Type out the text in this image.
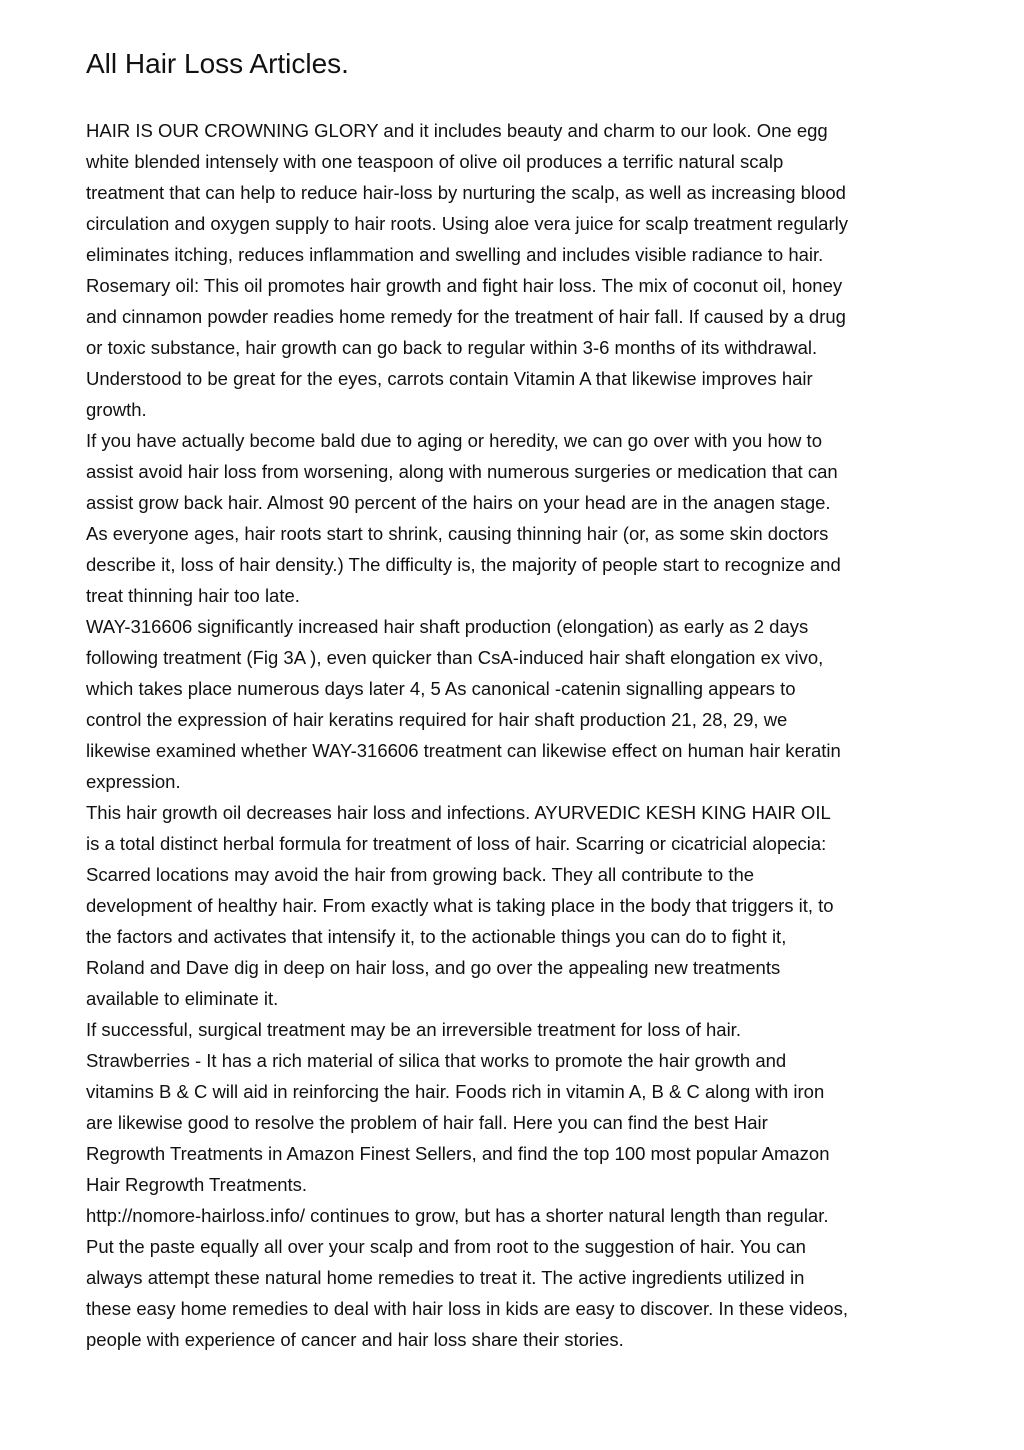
All Hair Loss Articles.
HAIR IS OUR CROWNING GLORY and it includes beauty and charm to our look. One egg
white blended intensely with one teaspoon of olive oil produces a terrific natural scalp
treatment that can help to reduce hair-loss by nurturing the scalp, as well as increasing blood
circulation and oxygen supply to hair roots. Using aloe vera juice for scalp treatment regularly
eliminates itching, reduces inflammation and swelling and includes visible radiance to hair.
Rosemary oil: This oil promotes hair growth and fight hair loss. The mix of coconut oil, honey
and cinnamon powder readies home remedy for the treatment of hair fall. If caused by a drug
or toxic substance, hair growth can go back to regular within 3-6 months of its withdrawal.
Understood to be great for the eyes, carrots contain Vitamin A that likewise improves hair
growth.
If you have actually become bald due to aging or heredity, we can go over with you how to
assist avoid hair loss from worsening, along with numerous surgeries or medication that can
assist grow back hair. Almost 90 percent of the hairs on your head are in the anagen stage.
As everyone ages, hair roots start to shrink, causing thinning hair (or, as some skin doctors
describe it, loss of hair density.) The difficulty is, the majority of people start to recognize and
treat thinning hair too late.
WAY-316606 significantly increased hair shaft production (elongation) as early as 2 days
following treatment (Fig 3A ), even quicker than CsA-induced hair shaft elongation ex vivo,
which takes place numerous days later 4, 5 As canonical -catenin signalling appears to
control the expression of hair keratins required for hair shaft production 21, 28, 29, we
likewise examined whether WAY-316606 treatment can likewise effect on human hair keratin
expression.
This hair growth oil decreases hair loss and infections. AYURVEDIC KESH KING HAIR OIL
is a total distinct herbal formula for treatment of loss of hair. Scarring or cicatricial alopecia:
Scarred locations may avoid the hair from growing back. They all contribute to the
development of healthy hair. From exactly what is taking place in the body that triggers it, to
the factors and activates that intensify it, to the actionable things you can do to fight it,
Roland and Dave dig in deep on hair loss, and go over the appealing new treatments
available to eliminate it.
If successful, surgical treatment may be an irreversible treatment for loss of hair.
Strawberries - It has a rich material of silica that works to promote the hair growth and
vitamins B & C will aid in reinforcing the hair. Foods rich in vitamin A, B & C along with iron
are likewise good to resolve the problem of hair fall. Here you can find the best Hair
Regrowth Treatments in Amazon Finest Sellers, and find the top 100 most popular Amazon
Hair Regrowth Treatments.
http://nomore-hairloss.info/ continues to grow, but has a shorter natural length than regular.
Put the paste equally all over your scalp and from root to the suggestion of hair. You can
always attempt these natural home remedies to treat it. The active ingredients utilized in
these easy home remedies to deal with hair loss in kids are easy to discover. In these videos,
people with experience of cancer and hair loss share their stories.
